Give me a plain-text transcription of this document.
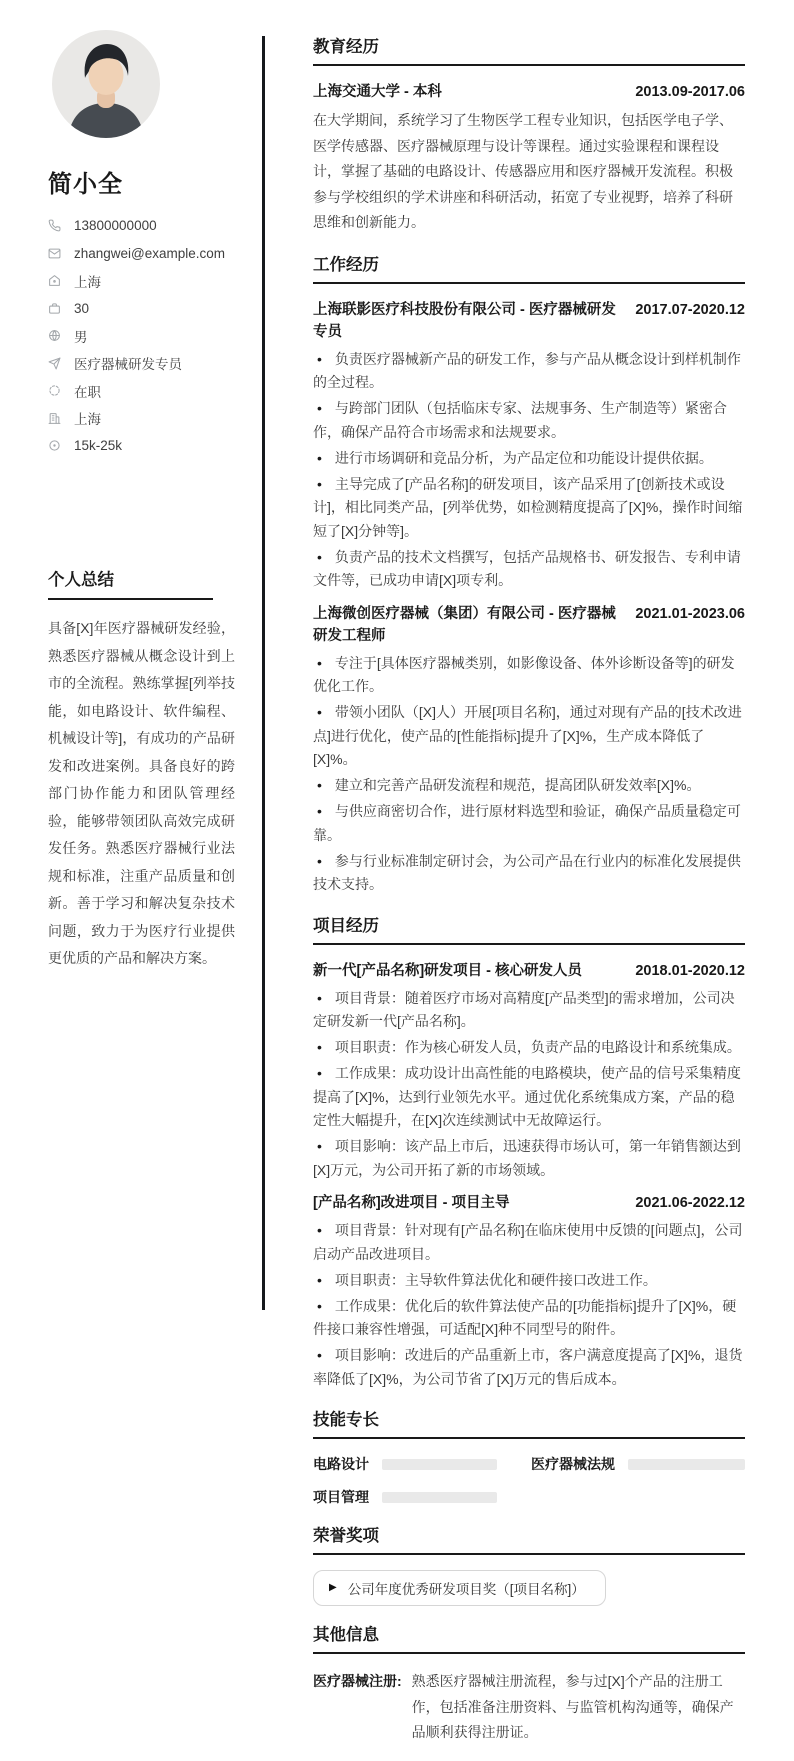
简小全
13800000000
zhangwei@example.com
上海
30
男
医疗器械研发专员
在职
上海
15k-25k
个人总结
具备[X]年医疗器械研发经验，熟悉医疗器械从概念设计到上市的全流程。熟练掌握[列举技能，如电路设计、软件编程、机械设计等]，有成功的产品研发和改进案例。具备良好的跨部门协作能力和团队管理经验，能够带领团队高效完成研发任务。熟悉医疗器械行业法规和标准，注重产品质量和创新。善于学习和解决复杂技术问题，致力于为医疗行业提供更优质的产品和解决方案。
教育经历
上海交通大学 - 本科	2013.09-2017.06
在大学期间，系统学习了生物医学工程专业知识，包括医学电子学、医学传感器、医疗器械原理与设计等课程。通过实验课程和课程设计，掌握了基础的电路设计、传感器应用和医疗器械开发流程。积极参与学校组织的学术讲座和科研活动，拓宽了专业视野，培养了科研思维和创新能力。
工作经历
上海联影医疗科技股份有限公司 - 医疗器械研发专员
2017.07-2020.12
• 负责医疗器械新产品的研发工作，参与产品从概念设计到样机制作的全过程。
• 与跨部门团队（包括临床专家、法规事务、生产制造等）紧密合作，确保产品符合市场需求和法规要求。
• 进行市场调研和竞品分析，为产品定位和功能设计提供依据。
• 主导完成了[产品名称]的研发项目，该产品采用了[创新技术或设计]，相比同类产品，[列举优势，如检测精度提高了[X]%，操作时间缩短了[X]分钟等]。
• 负责产品的技术文档撰写，包括产品规格书、研发报告、专利申请文件等，已成功申请[X]项专利。
上海微创医疗器械（集团）有限公司 - 医疗器械研发工程师
2021.01-2023.06
• 专注于[具体医疗器械类别，如影像设备、体外诊断设备等]的研发优化工作。
• 带领小团队（[X]人）开展[项目名称]，通过对现有产品的[技术改进点]进行优化，使产品的[性能指标]提升了[X]%，生产成本降低了[X]%。
• 建立和完善产品研发流程和规范，提高团队研发效率[X]%。
• 与供应商密切合作，进行原材料选型和验证，确保产品质量稳定可靠。
• 参与行业标准制定研讨会，为公司产品在行业内的标准化发展提供技术支持。
项目经历
新一代[产品名称]研发项目 - 核心研发人员	2018.01-2020.12
• 项目背景：随着医疗市场对高精度[产品类型]的需求增加，公司决定研发新一代[产品名称]。
• 项目职责：作为核心研发人员，负责产品的电路设计和系统集成。
• 工作成果：成功设计出高性能的电路模块，使产品的信号采集精度提高了[X]%，达到行业领先水平。通过优化系统集成方案，产品的稳定性大幅提升，在[X]次连续测试中无故障运行。
• 项目影响：该产品上市后，迅速获得市场认可，第一年销售额达到[X]万元，为公司开拓了新的市场领域。
[产品名称]改进项目 - 项目主导	2021.06-2022.12
• 项目背景：针对现有[产品名称]在临床使用中反馈的[问题点]，公司启动产品改进项目。
• 项目职责：主导软件算法优化和硬件接口改进工作。
• 工作成果：优化后的软件算法使产品的[功能指标]提升了[X]%，硬件接口兼容性增强，可适配[X]种不同型号的附件。
• 项目影响：改进后的产品重新上市，客户满意度提高了[X]%，退货率降低了[X]%，为公司节省了[X]万元的售后成本。
技能专长
电路设计	医疗器械法规
项目管理
荣誉奖项
▶ 公司年度优秀研发项目奖（[项目名称]）
其他信息
医疗器械注册: 熟悉医疗器械注册流程，参与过[X]个产品的注册工作，包括准备注册资料、与监管机构沟通等，确保产品顺利获得注册证。
